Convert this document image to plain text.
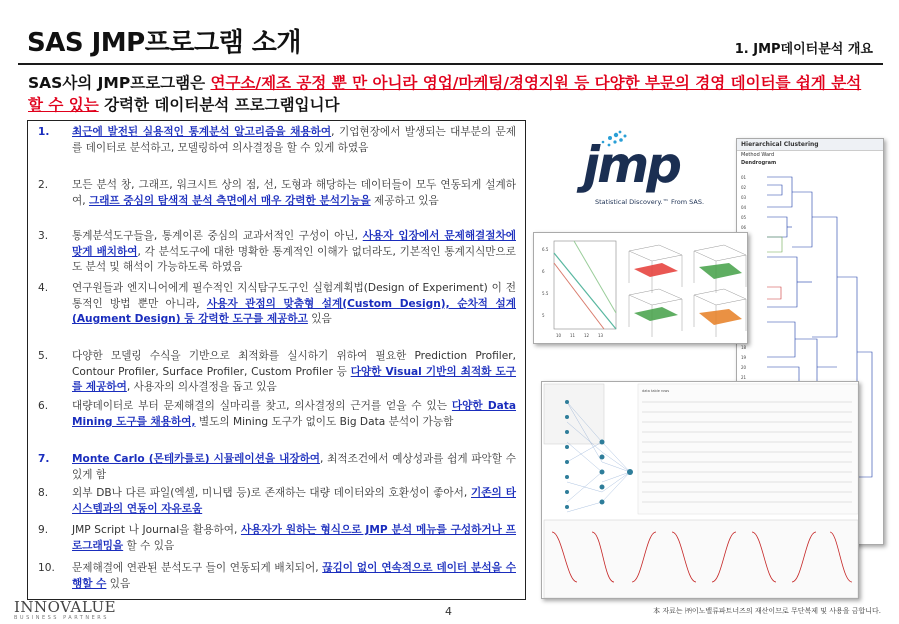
SAS JMP프로그램 소개	1. JMP데이터분석 개요
SAS사의 JMP프로그램은 연구소/제조 공정 뿐 만 아니라 영업/마케팅/경영지원 등 다양한 부문의 경영 데이터를 쉽게 분석할 수 있는 강력한 데이터분석 프로그램입니다
1.	최근에 발전된 실용적인 통계분석 알고리즘을 채용하여, 기업현장에서 발생되는 대부분의 문제를 데이터로 분석하고, 모델링하여 의사결정을 할 수 있게 하였음
2.	모든 분석 창, 그래프, 워크시트 상의 점, 선, 도형과 해당하는 데이터들이 모두 연동되게 설계하여, 그래프 중심의 탐색적 분석 측면에서 매우 강력한 분석기능을 제공하고 있음
3.	통계분석도구들을, 통계이론 중심의 교과서적인 구성이 아닌, 사용자 입장에서 문제해결절차에 맞게 배치하여, 각 분석도구에 대한 명확한 통계적인 이해가 없더라도, 기본적인 통계지식만으로도 분석 및 해석이 가능하도록 하였음
4.	연구원들과 엔지니어에게 필수적인 지식탐구도구인 실험계획법(Design of Experiment) 이 전통적인 방법 뿐만 아니라, 사용자 관점의 맞춤형 설계(Custom Design), 순차적 설계(Augment Design) 등 강력한 도구를 제공하고 있음
5.	다양한 모델링 수식을 기반으로 최적화를 실시하기 위하여 필요한 Prediction Profiler, Contour Profiler, Surface Profiler, Custom Profiler 등 다양한 Visual 기반의 최적화 도구를 제공하여, 사용자의 의사결정을 돕고 있음
6.	대량데이터로 부터 문제해결의 실마리를 찾고, 의사결정의 근거를 얻을 수 있는 다양한 Data Mining 도구를 채용하여, 별도의 Mining 도구가 없이도 Big Data 분석이 가능함
7.	Monte Carlo (몬테카를로) 시뮬레이션을 내장하여, 최적조건에서 예상성과를 쉽게 파악할 수 있게 함
8.	외부 DB나 다른 파일(엑셀, 미니탭 등)로 존재하는 대량 데이터와의 호환성이 좋아서, 기존의 타 시스템과의 연동이 자유로움
9.	JMP Script 나 Journal을 활용하여, 사용자가 원하는 형식으로 JMP 분석 메뉴를 구성하거나 프로그래밍을 할 수 있음
10.	문제해결에 연관된 분석도구 들이 연동되게 배치되어, 끊김이 없이 연속적으로 데이터 분석을 수행할 수 있음
jmp
Statistical Discovery.™ From SAS.
Hierarchical Clustering
Method Ward
Dendrogram
01
02
03
04
05
06
18
19
20
21
6.5
6
5.5
5
10 11 12 13
data table rows
INNOVALUE
BUSINESS PARTNERS	4	本 자료는 ㈜이노밸류파트너즈의 재산이므로 무단복제 및 사용을 금합니다.
